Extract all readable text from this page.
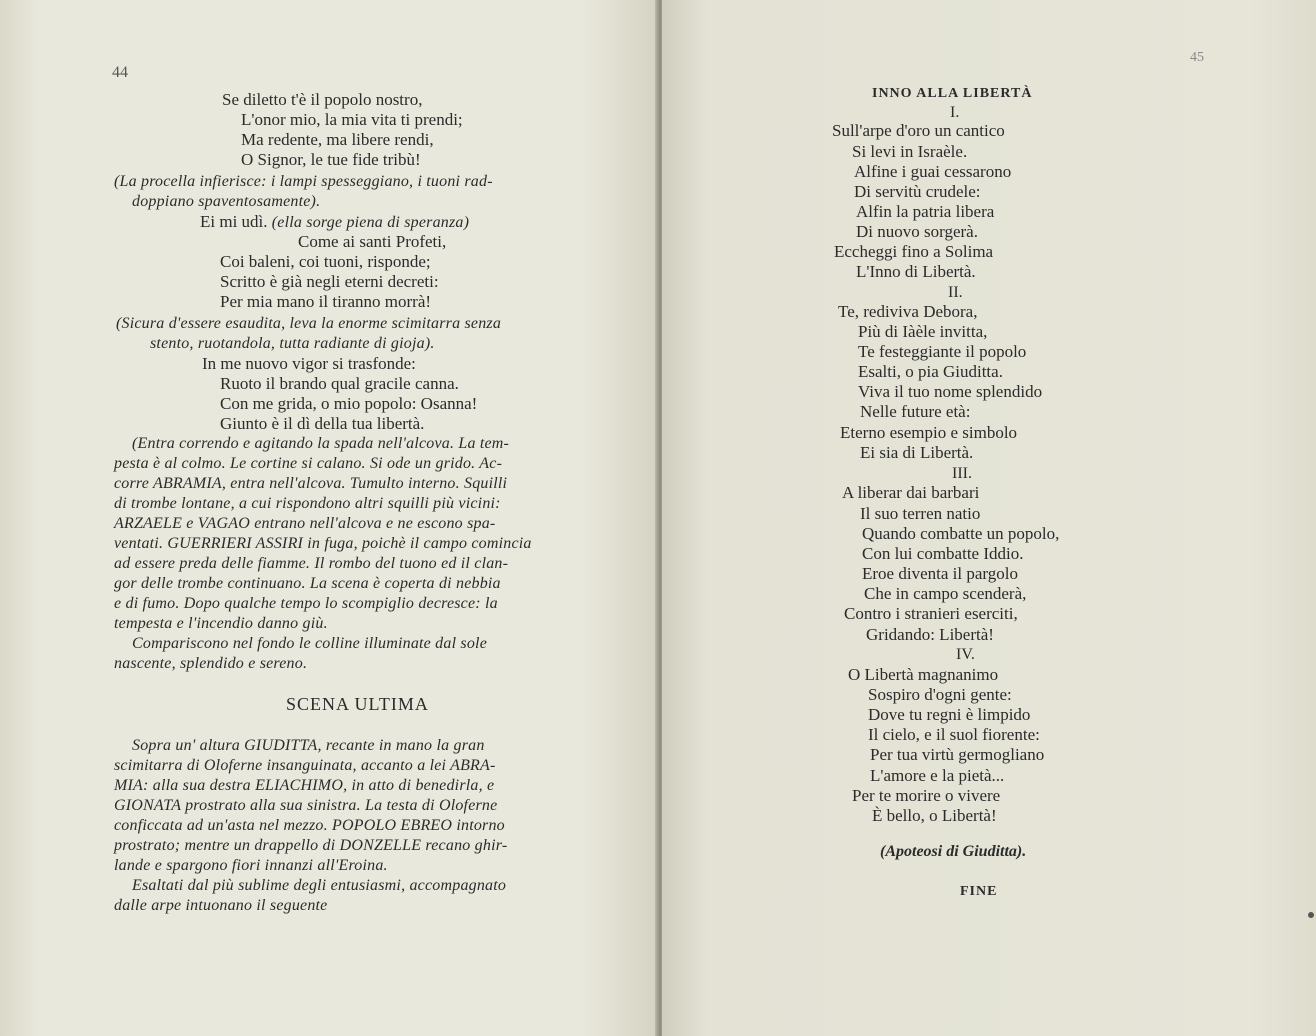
44
Se diletto t'è il popolo nostro,
L'onor mio, la mia vita ti prendi;
Ma redente, ma libere rendi,
O Signor, le tue fide tribù!
(La procella infierisce: i lampi spesseggiano, i tuoni rad-
doppiano spaventosamente).
Ei mi udì. (ella sorge piena di speranza)
Come ai santi Profeti,
Coi baleni, coi tuoni, risponde;
Scritto è già negli eterni decreti:
Per mia mano il tiranno morrà!
(Sicura d'essere esaudita, leva la enorme scimitarra senza
stento, ruotandola, tutta radiante di gioja).
In me nuovo vigor si trasfonde:
Ruoto il brando qual gracile canna.
Con me grida, o mio popolo: Osanna!
Giunto è il dì della tua libertà.
(Entra correndo e agitando la spada nell'alcova. La tem-
pesta è al colmo. Le cortine si calano. Si ode un grido. Ac-
corre ABRAMIA, entra nell'alcova. Tumulto interno. Squilli
di trombe lontane, a cui rispondono altri squilli più vicini:
ARZAELE e VAGAO entrano nell'alcova e ne escono spa-
ventati. GUERRIERI ASSIRI in fuga, poichè il campo comincia
ad essere preda delle fiamme. Il rombo del tuono ed il clan-
gor delle trombe continuano. La scena è coperta di nebbia
e di fumo. Dopo qualche tempo lo scompiglio decresce: la
tempesta e l'incendio danno giù.
Compariscono nel fondo le colline illuminate dal sole
nascente, splendido e sereno.
SCENA ULTIMA
Sopra un' altura GIUDITTA, recante in mano la gran
scimitarra di Oloferne insanguinata, accanto a lei ABRA-
MIA: alla sua destra ELIACHIMO, in atto di benedirla, e
GIONATA prostrato alla sua sinistra. La testa di Oloferne
conficcata ad un'asta nel mezzo. POPOLO EBREO intorno
prostrato; mentre un drappello di DONZELLE recano ghir-
lande e spargono fiori innanzi all'Eroina.
Esaltati dal più sublime degli entusiasmi, accompagnato
dalle arpe intuonano il seguente
45
INNO ALLA LIBERTÀ
I.
Sull'arpe d'oro un cantico
Si levi in Israèle.
Alfine i guai cessarono
Di servitù crudele:
Alfin la patria libera
Di nuovo sorgerà.
Eccheggi fino a Solima
L'Inno di Libertà.
II.
Te, rediviva Debora,
Più di Iàèle invitta,
Te festeggiante il popolo
Esalti, o pia Giuditta.
Viva il tuo nome splendido
Nelle future età:
Eterno esempio e simbolo
Ei sia di Libertà.
III.
A liberar dai barbari
Il suo terren natio
Quando combatte un popolo,
Con lui combatte Iddio.
Eroe diventa il pargolo
Che in campo scenderà,
Contro i stranieri eserciti,
Gridando: Libertà!
IV.
O Libertà magnanimo
Sospiro d'ogni gente:
Dove tu regni è limpido
Il cielo, e il suol fiorente:
Per tua virtù germogliano
L'amore e la pietà...
Per te morire o vivere
È bello, o Libertà!
(Apoteosi di Giuditta).
FINE
